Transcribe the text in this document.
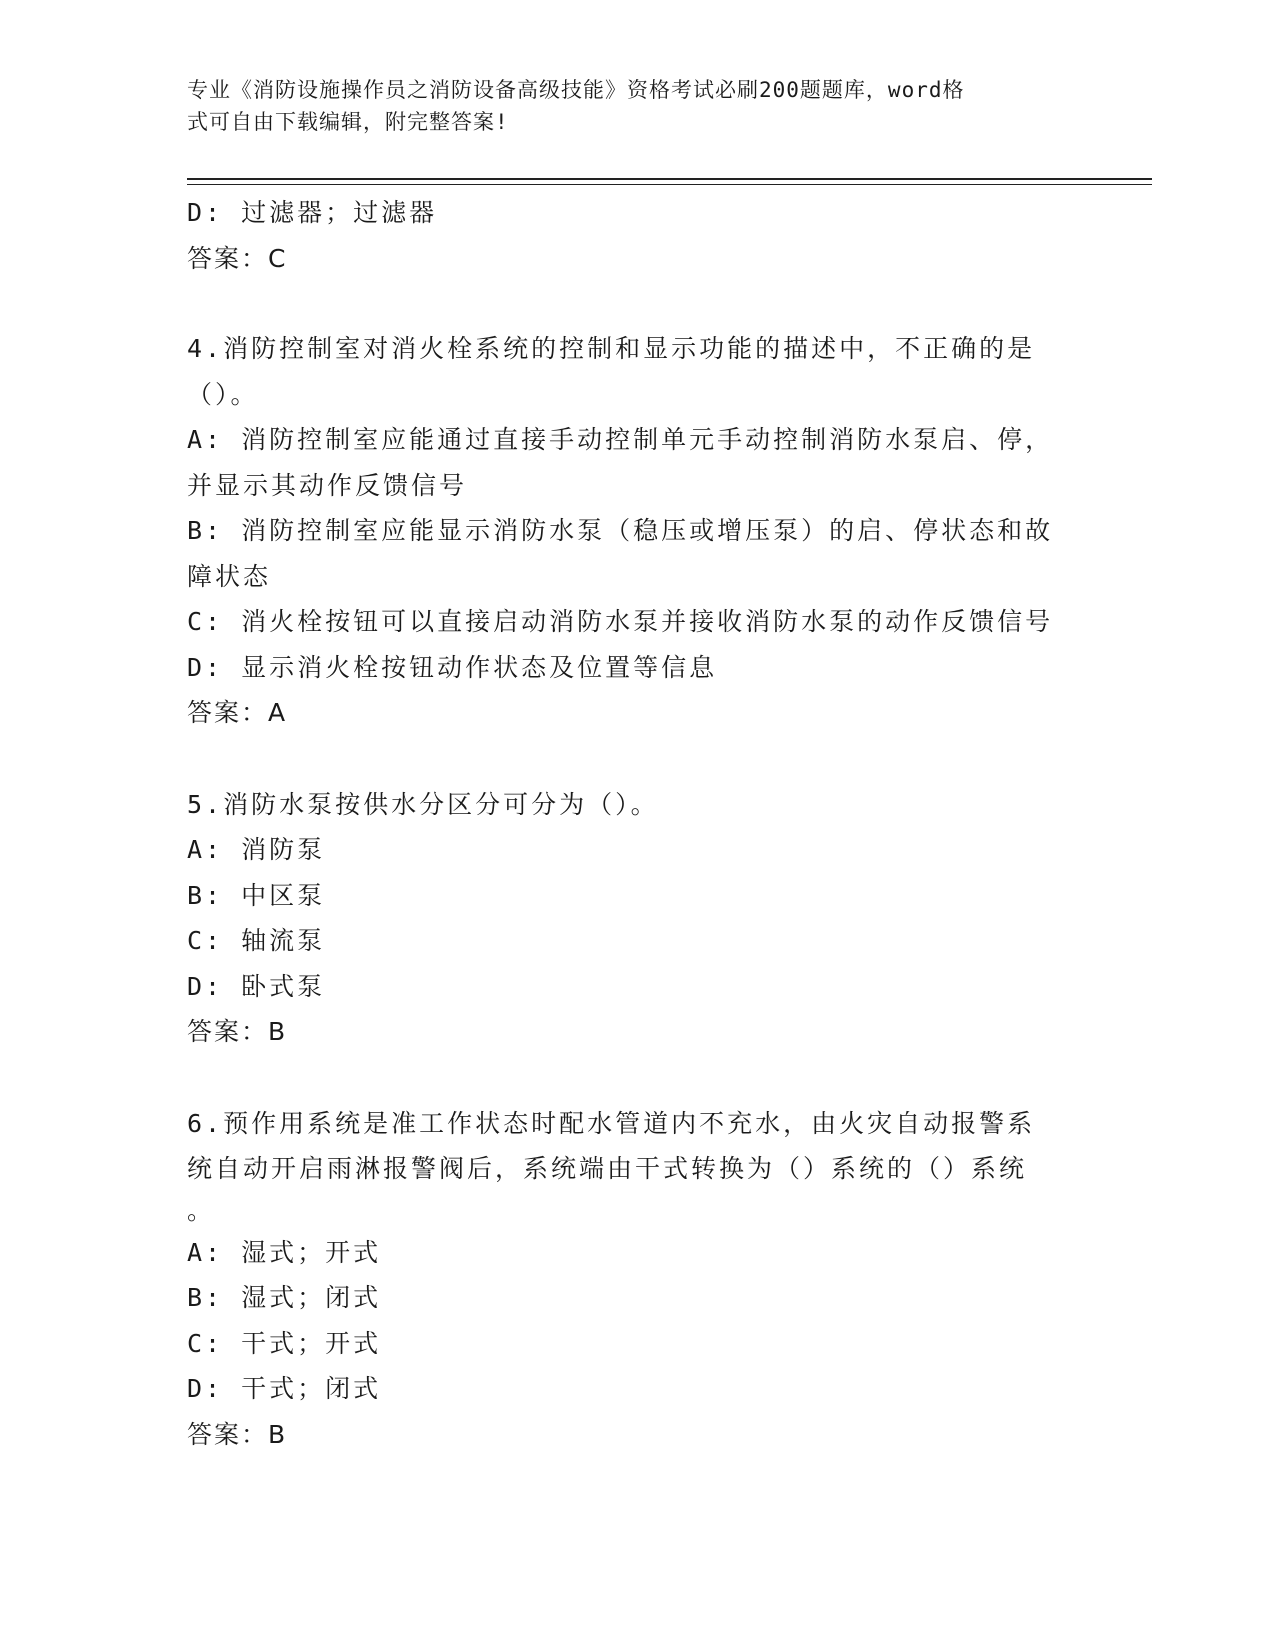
专业《消防设施操作员之消防设备高级技能》资格考试必刷200题题库，word格
式可自由下载编辑，附完整答案!
D: 过滤器；过滤器
答案：C
4.消防控制室对消火栓系统的控制和显示功能的描述中，不正确的是
（）。
A: 消防控制室应能通过直接手动控制单元手动控制消防水泵启、停，
并显示其动作反馈信号
B: 消防控制室应能显示消防水泵（稳压或增压泵）的启、停状态和故
障状态
C: 消火栓按钮可以直接启动消防水泵并接收消防水泵的动作反馈信号
D: 显示消火栓按钮动作状态及位置等信息
答案：A
5.消防水泵按供水分区分可分为（）。
A: 消防泵
B: 中区泵
C: 轴流泵
D: 卧式泵
答案：B
6.预作用系统是准工作状态时配水管道内不充水，由火灾自动报警系
统自动开启雨淋报警阀后，系统端由干式转换为（）系统的（）系统
。
A: 湿式；开式
B: 湿式；闭式
C: 干式；开式
D: 干式；闭式
答案：B
